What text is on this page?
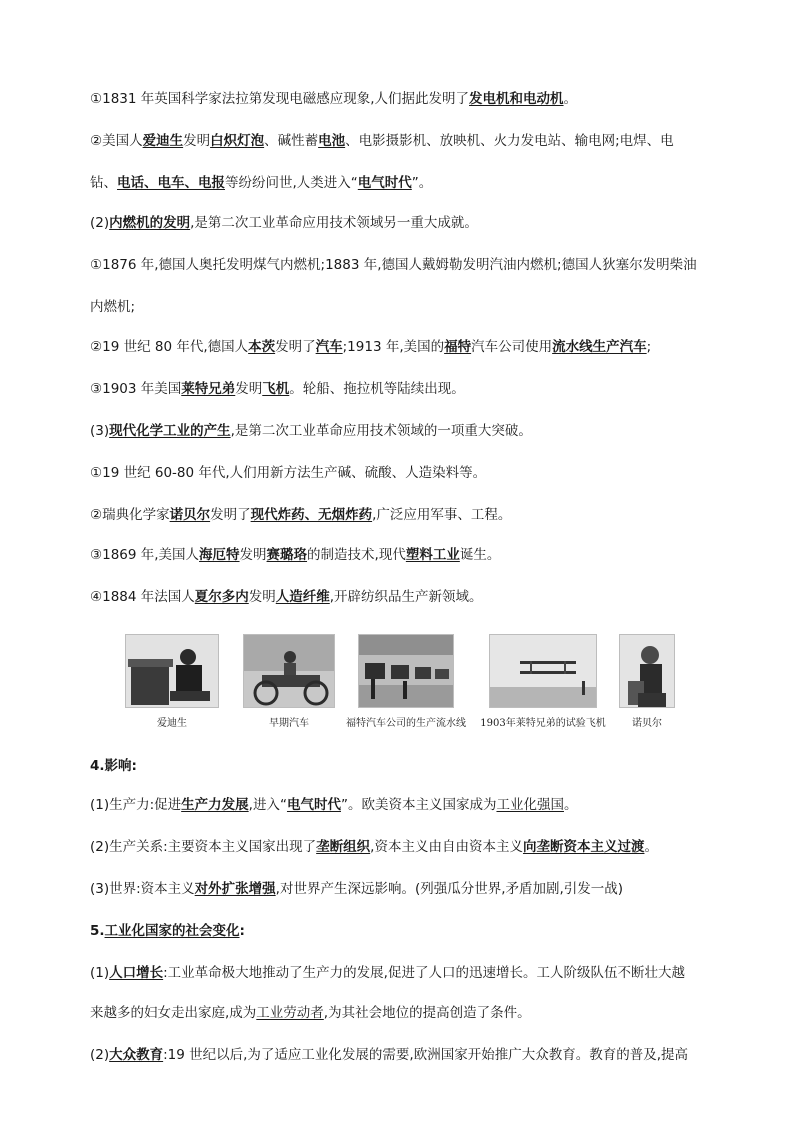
①1831 年英国科学家法拉第发现电磁感应现象,人们据此发明了发电机和电动机。
②美国人爱迪生发明白炽灯泡、碱性蓄电池、电影摄影机、放映机、火力发电站、输电网;电焊、电
钻、电话、电车、电报等纷纷问世,人类进入“电气时代”。
(2)内燃机的发明,是第二次工业革命应用技术领域另一重大成就。
①1876 年,德国人奥托发明煤气内燃机;1883 年,德国人戴姆勒发明汽油内燃机;德国人狄塞尔发明柴油
内燃机;
②19 世纪 80 年代,德国人本茨发明了汽车;1913 年,美国的福特汽车公司使用流水线生产汽车;
③1903 年美国莱特兄弟发明飞机。轮船、拖拉机等陆续出现。
(3)现代化学工业的产生,是第二次工业革命应用技术领域的一项重大突破。
①19 世纪 60-80 年代,人们用新方法生产碱、硫酸、人造染料等。
②瑞典化学家诺贝尔发明了现代炸药、无烟炸药,广泛应用军事、工程。
③1869 年,美国人海厄特发明赛璐珞的制造技术,现代塑料工业诞生。
④1884 年法国人夏尔多内发明人造纤维,开辟纺织品生产新领域。
爱迪生	早期汽车	福特汽车公司的生产流水线	1903年莱特兄弟的试验飞机	诺贝尔
4.影响:
(1)生产力:促进生产力发展,进入“电气时代”。欧美资本主义国家成为工业化强国。
(2)生产关系:主要资本主义国家出现了垄断组织,资本主义由自由资本主义向垄断资本主义过渡。
(3)世界:资本主义对外扩张增强,对世界产生深远影响。(列强瓜分世界,矛盾加剧,引发一战)
5.工业化国家的社会变化:
(1)人口增长:工业革命极大地推动了生产力的发展,促进了人口的迅速增长。工人阶级队伍不断壮大越
来越多的妇女走出家庭,成为工业劳动者,为其社会地位的提高创造了条件。
(2)大众教育:19 世纪以后,为了适应工业化发展的需要,欧洲国家开始推广大众教育。教育的普及,提高
